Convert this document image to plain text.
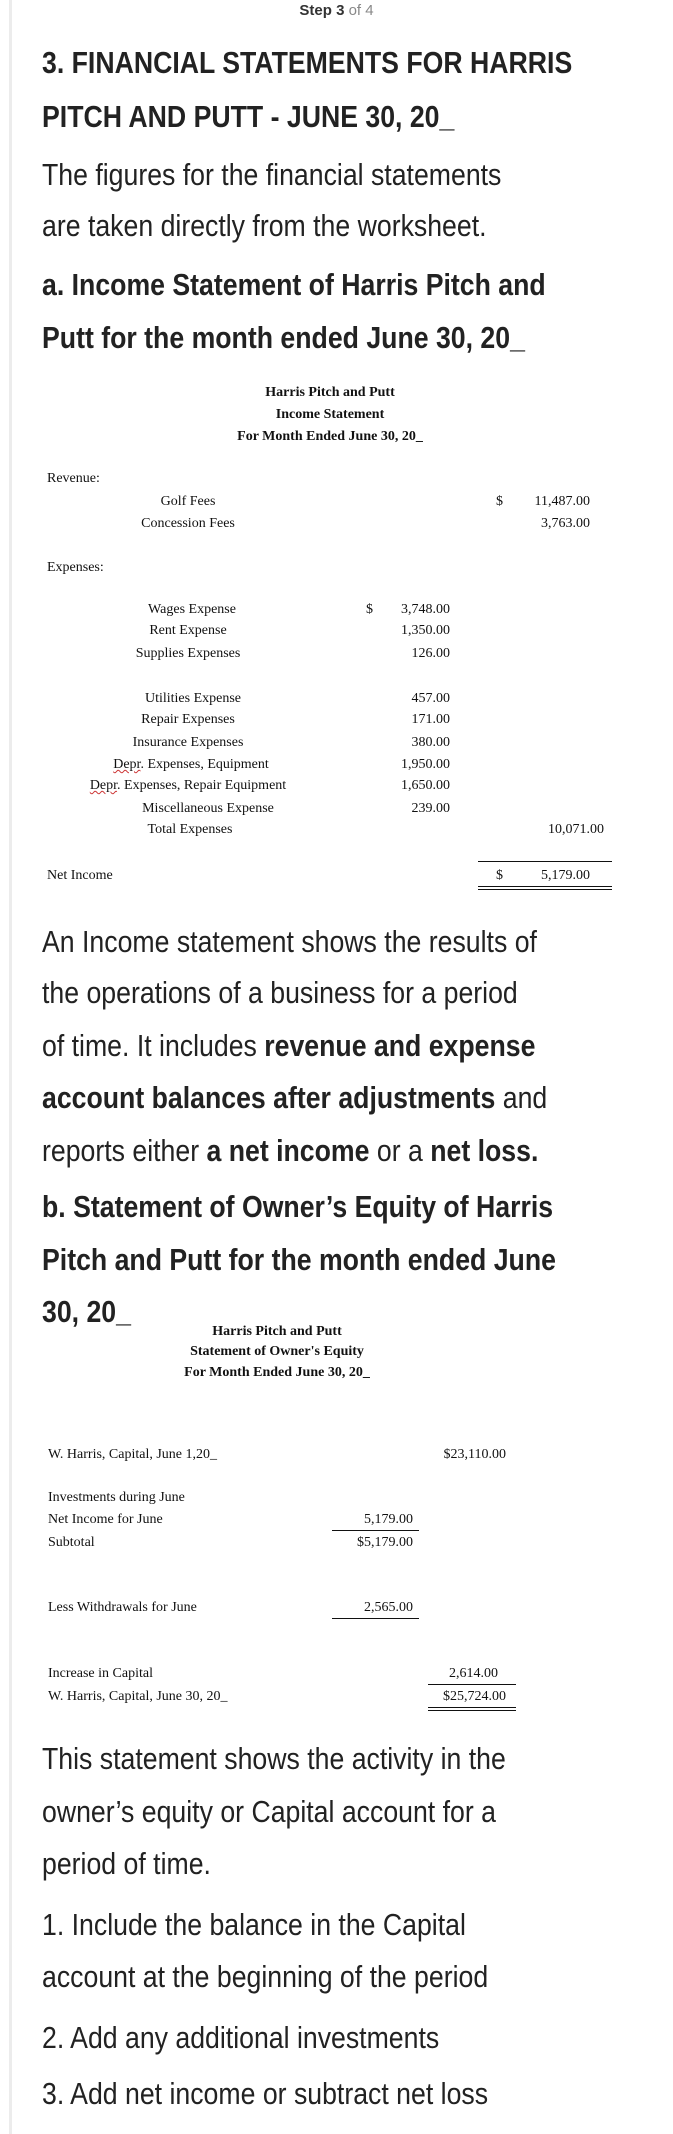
Step 3 of 4
3. FINANCIAL STATEMENTS FOR HARRIS
PITCH AND PUTT - JUNE 30, 20_
The figures for the financial statements
are taken directly from the worksheet.
a. Income Statement of Harris Pitch and
Putt for the month ended June 30, 20_
Harris Pitch and Putt
Income Statement
For Month Ended June 30, 20_
Revenue:
Golf Fees	$ 11,487.00
Concession Fees	3,763.00
Expenses:
Wages Expense	$ 3,748.00
Rent Expense	1,350.00
Supplies Expenses	126.00
Utilities Expense	457.00
Repair Expenses	171.00
Insurance Expenses	380.00
Depr. Expenses, Equipment	1,950.00
Depr. Expenses, Repair Equipment	1,650.00
Miscellaneous Expense	239.00
Total Expenses	10,071.00
Net Income	$	5,179.00
An Income statement shows the results of
the operations of a business for a period
of time. It includes revenue and expense
account balances after adjustments and
reports either a net income or a net loss.
b. Statement of Owner’s Equity of Harris
Pitch and Putt for the month ended June
30, 20_
Harris Pitch and Putt
Statement of Owner's Equity
For Month Ended June 30, 20_
W. Harris, Capital, June 1,20_	$23,110.00
Investments during June
Net Income for June	5,179.00
Subtotal	$5,179.00
Less Withdrawals for June	2,565.00
Increase in Capital	2,614.00
W. Harris, Capital, June 30, 20_	$25,724.00
This statement shows the activity in the
owner’s equity or Capital account for a
period of time.
1. Include the balance in the Capital
account at the beginning of the period
2. Add any additional investments
3. Add net income or subtract net loss
